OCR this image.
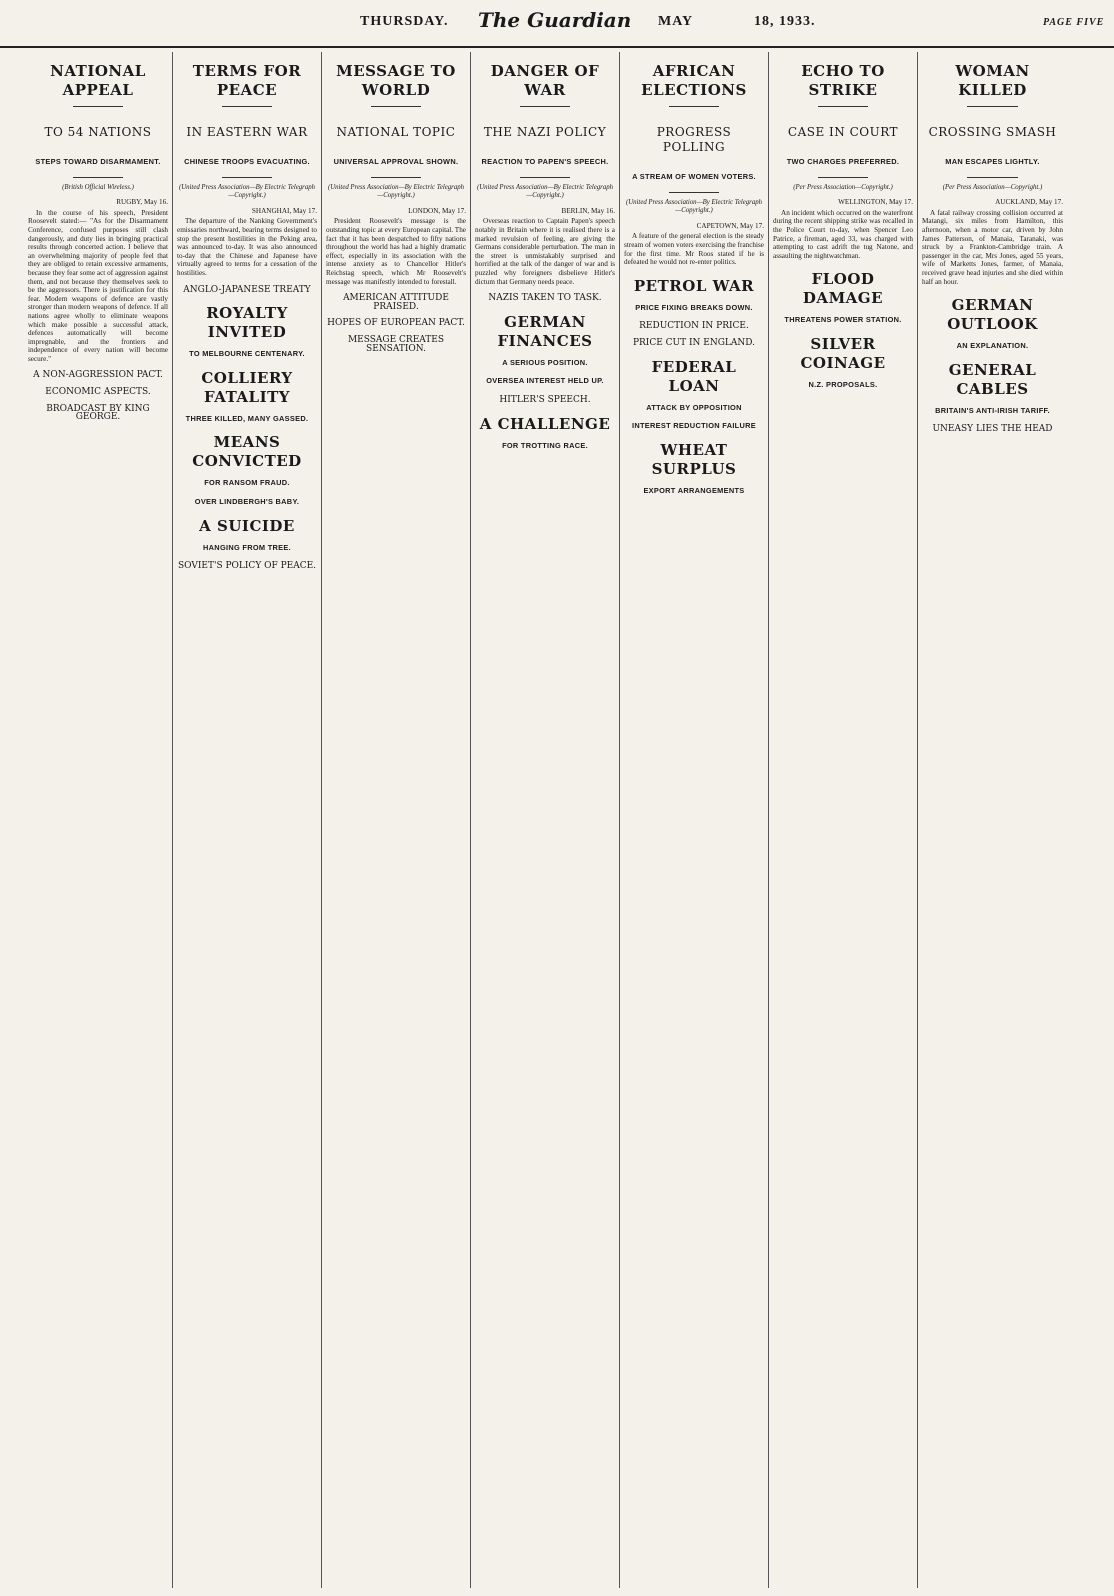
THURSDAY. The Guardian MAY	18, 1933.	PAGE FIVE
NATIONAL APPEAL
TO 54 NATIONS
STEPS TOWARD DISARMAMENT.
(British Official Wireless.)
RUGBY, May 16.

In the course of his speech, President Roosevelt stated:— "As for the Disarmament Conference, confused purposes still clash dangerously, and duty lies in bringing practical results through concerted action. I believe that an overwhelming majority of people feel that they are obliged to retain excessive armaments, because they fear some act of aggression against them, and not because they themselves seek to be the aggressors. There is justification for this fear. Modern weapons of defence are vastly stronger than modern weapons of defence. If all nations agree wholly to eliminate weapons which make possible a successful attack, defences automatically will become impregnable, and the frontiers and independence of every nation will become secure."

A NON-AGGRESSION PACT.
ECONOMIC ASPECTS.
BROADCAST BY KING GEORGE.
TERMS FOR PEACE
IN EASTERN WAR
CHINESE TROOPS EVACUATING.
(United Press Association—By Electric Telegraph—Copyright.)
SHANGHAI, May 17.

The departure of the Nanking Government's emissaries northward, bearing terms designed to stop the present hostilities in the Peking area, was announced to-day. It was also announced to-day that the Chinese and Japanese have virtually agreed to terms for a cessation of the hostilities.

ANGLO-JAPANESE TREATY
ROYALTY INVITED
TO MELBOURNE CENTENARY.
COLLIERY FATALITY
THREE KILLED, MANY GASSED.
MEANS CONVICTED
FOR RANSOM FRAUD.
OVER LINDBERGH'S BABY.
A SUICIDE
HANGING FROM TREE.
SOVIET'S POLICY OF PEACE.
MESSAGE TO WORLD
NATIONAL TOPIC
UNIVERSAL APPROVAL SHOWN.
(United Press Association—By Electric Telegraph—Copyright.)
LONDON, May 17.

President Roosevelt's message is the outstanding topic at every European capital. The fact that it has been despatched to fifty nations throughout the world has had a highly dramatic effect, especially in its association with the intense anxiety as to Chancellor Hitler's Reichstag speech, which Mr Roosevelt's message was manifestly intended to forestall.

AMERICAN ATTITUDE PRAISED.
HOPES OF EUROPEAN PACT.
MESSAGE CREATES SENSATION.
DANGER OF WAR
THE NAZI POLICY
REACTION TO PAPEN'S SPEECH.
(United Press Association—By Electric Telegraph—Copyright.)
BERLIN, May 16.

Overseas reaction to Captain Papen's speech notably in Britain where it is realised there is a marked revulsion of feeling, are giving the Germans considerable perturbation. The man in the street is unmistakably surprised and horrified at the talk of the danger of war and is puzzled why foreigners disbelieve Hitler's dictum that Germany needs peace.

NAZIS TAKEN TO TASK.
GERMAN FINANCES
A SERIOUS POSITION.
OVERSEA INTEREST HELD UP.
HITLER'S SPEECH.
A CHALLENGE
FOR TROTTING RACE.
AFRICAN ELECTIONS
PROGRESS POLLING
A STREAM OF WOMEN VOTERS.
(United Press Association—By Electric Telegraph—Copyright.)
CAPETOWN, May 17.

A feature of the general election is the steady stream of women voters exercising the franchise for the first time. Mr Roos stated if he is defeated he would not re-enter politics.

PETROL WAR
PRICE FIXING BREAKS DOWN.
REDUCTION IN PRICE.
PRICE CUT IN ENGLAND.
FEDERAL LOAN
ATTACK BY OPPOSITION
INTEREST REDUCTION FAILURE
WHEAT SURPLUS
EXPORT ARRANGEMENTS
ECHO TO STRIKE
CASE IN COURT
TWO CHARGES PREFERRED.
(Per Press Association—Copyright.)
WELLINGTON, May 17.

An incident which occurred on the waterfront during the recent shipping strike was recalled in the Police Court to-day, when Spencer Leo Patrice, a fireman, aged 33, was charged with attempting to cast adrift the tug Natone, and assaulting the nightwatchman.

FLOOD DAMAGE
THREATENS POWER STATION.
SILVER COINAGE
N.Z. PROPOSALS.
WOMAN KILLED
CROSSING SMASH
MAN ESCAPES LIGHTLY.
(Per Press Association—Copyright.)
AUCKLAND, May 17.

A fatal railway crossing collision occurred at Matangi, six miles from Hamilton, this afternoon, when a motor car, driven by John James Patterson, of Manaia, Taranaki, was struck by a Frankton-Cambridge train. A passenger in the car, Mrs Jones, aged 55 years, wife of Marketts Jones, farmer, of Manaia, received grave head injuries and she died within half an hour.

GERMAN OUTLOOK
AN EXPLANATION.
GENERAL CABLES
BRITAIN'S ANTI-IRISH TARIFF.
UNEASY LIES THE HEAD
